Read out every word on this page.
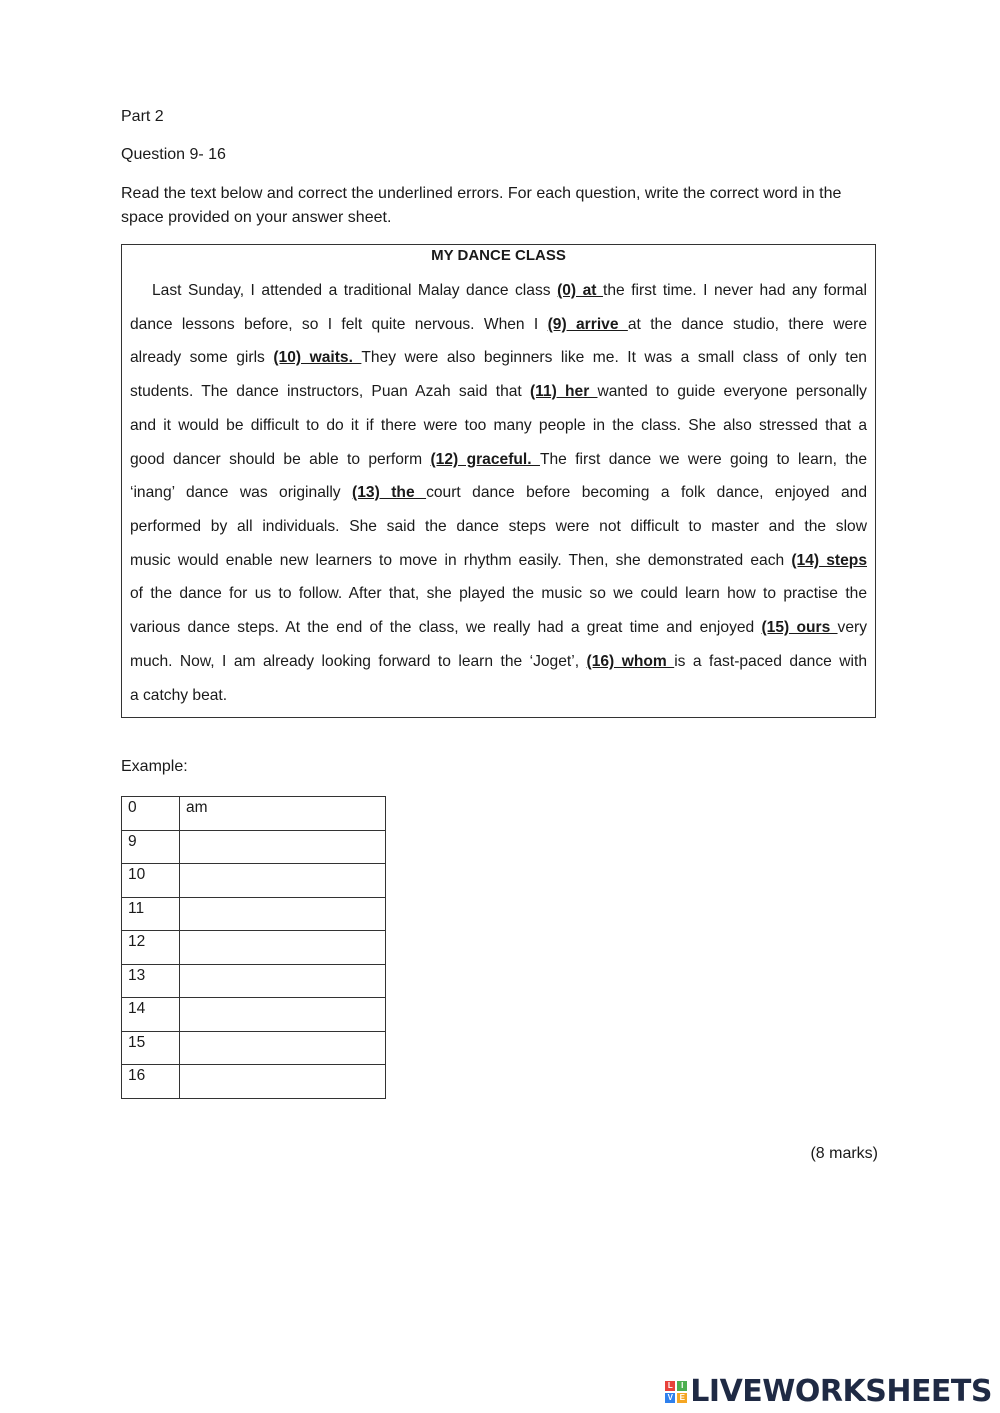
Part 2
Question 9- 16
Read the text below and correct the underlined errors. For each question, write the correct word in the space provided on your answer sheet.
MY DANCE CLASS
Last Sunday, I attended a traditional Malay dance class (0) at the first time. I never had any formal
dance lessons before, so I felt quite nervous. When I (9) arrive at the dance studio, there were
already some girls (10) waits. They were also beginners like me. It was a small class of only ten
students. The dance instructors, Puan Azah said that (11) her wanted to guide everyone personally
and it would be difficult to do it if there were too many people in the class. She also stressed that a
good dancer should be able to perform (12) graceful. The first dance we were going to learn, the
‘inang’ dance was originally (13) the court dance before becoming a folk dance, enjoyed and
performed by all individuals. She said the dance steps were not difficult to master and the slow
music would enable new learners to move in rhythm easily. Then, she demonstrated each (14) steps
of the dance for us to follow. After that, she played the music so we could learn how to practise the
various dance steps. At the end of the class, we really had a great time and enjoyed (15) ours very
much. Now, I am already looking forward to learn the ‘Joget’, (16) whom is a fast-paced dance with
a catchy beat.
Example:
0	am
9	
10	
11	
12	
13	
14	
15	
16	
(8 marks)
L	I
V E LIVEWORKSHEETS
